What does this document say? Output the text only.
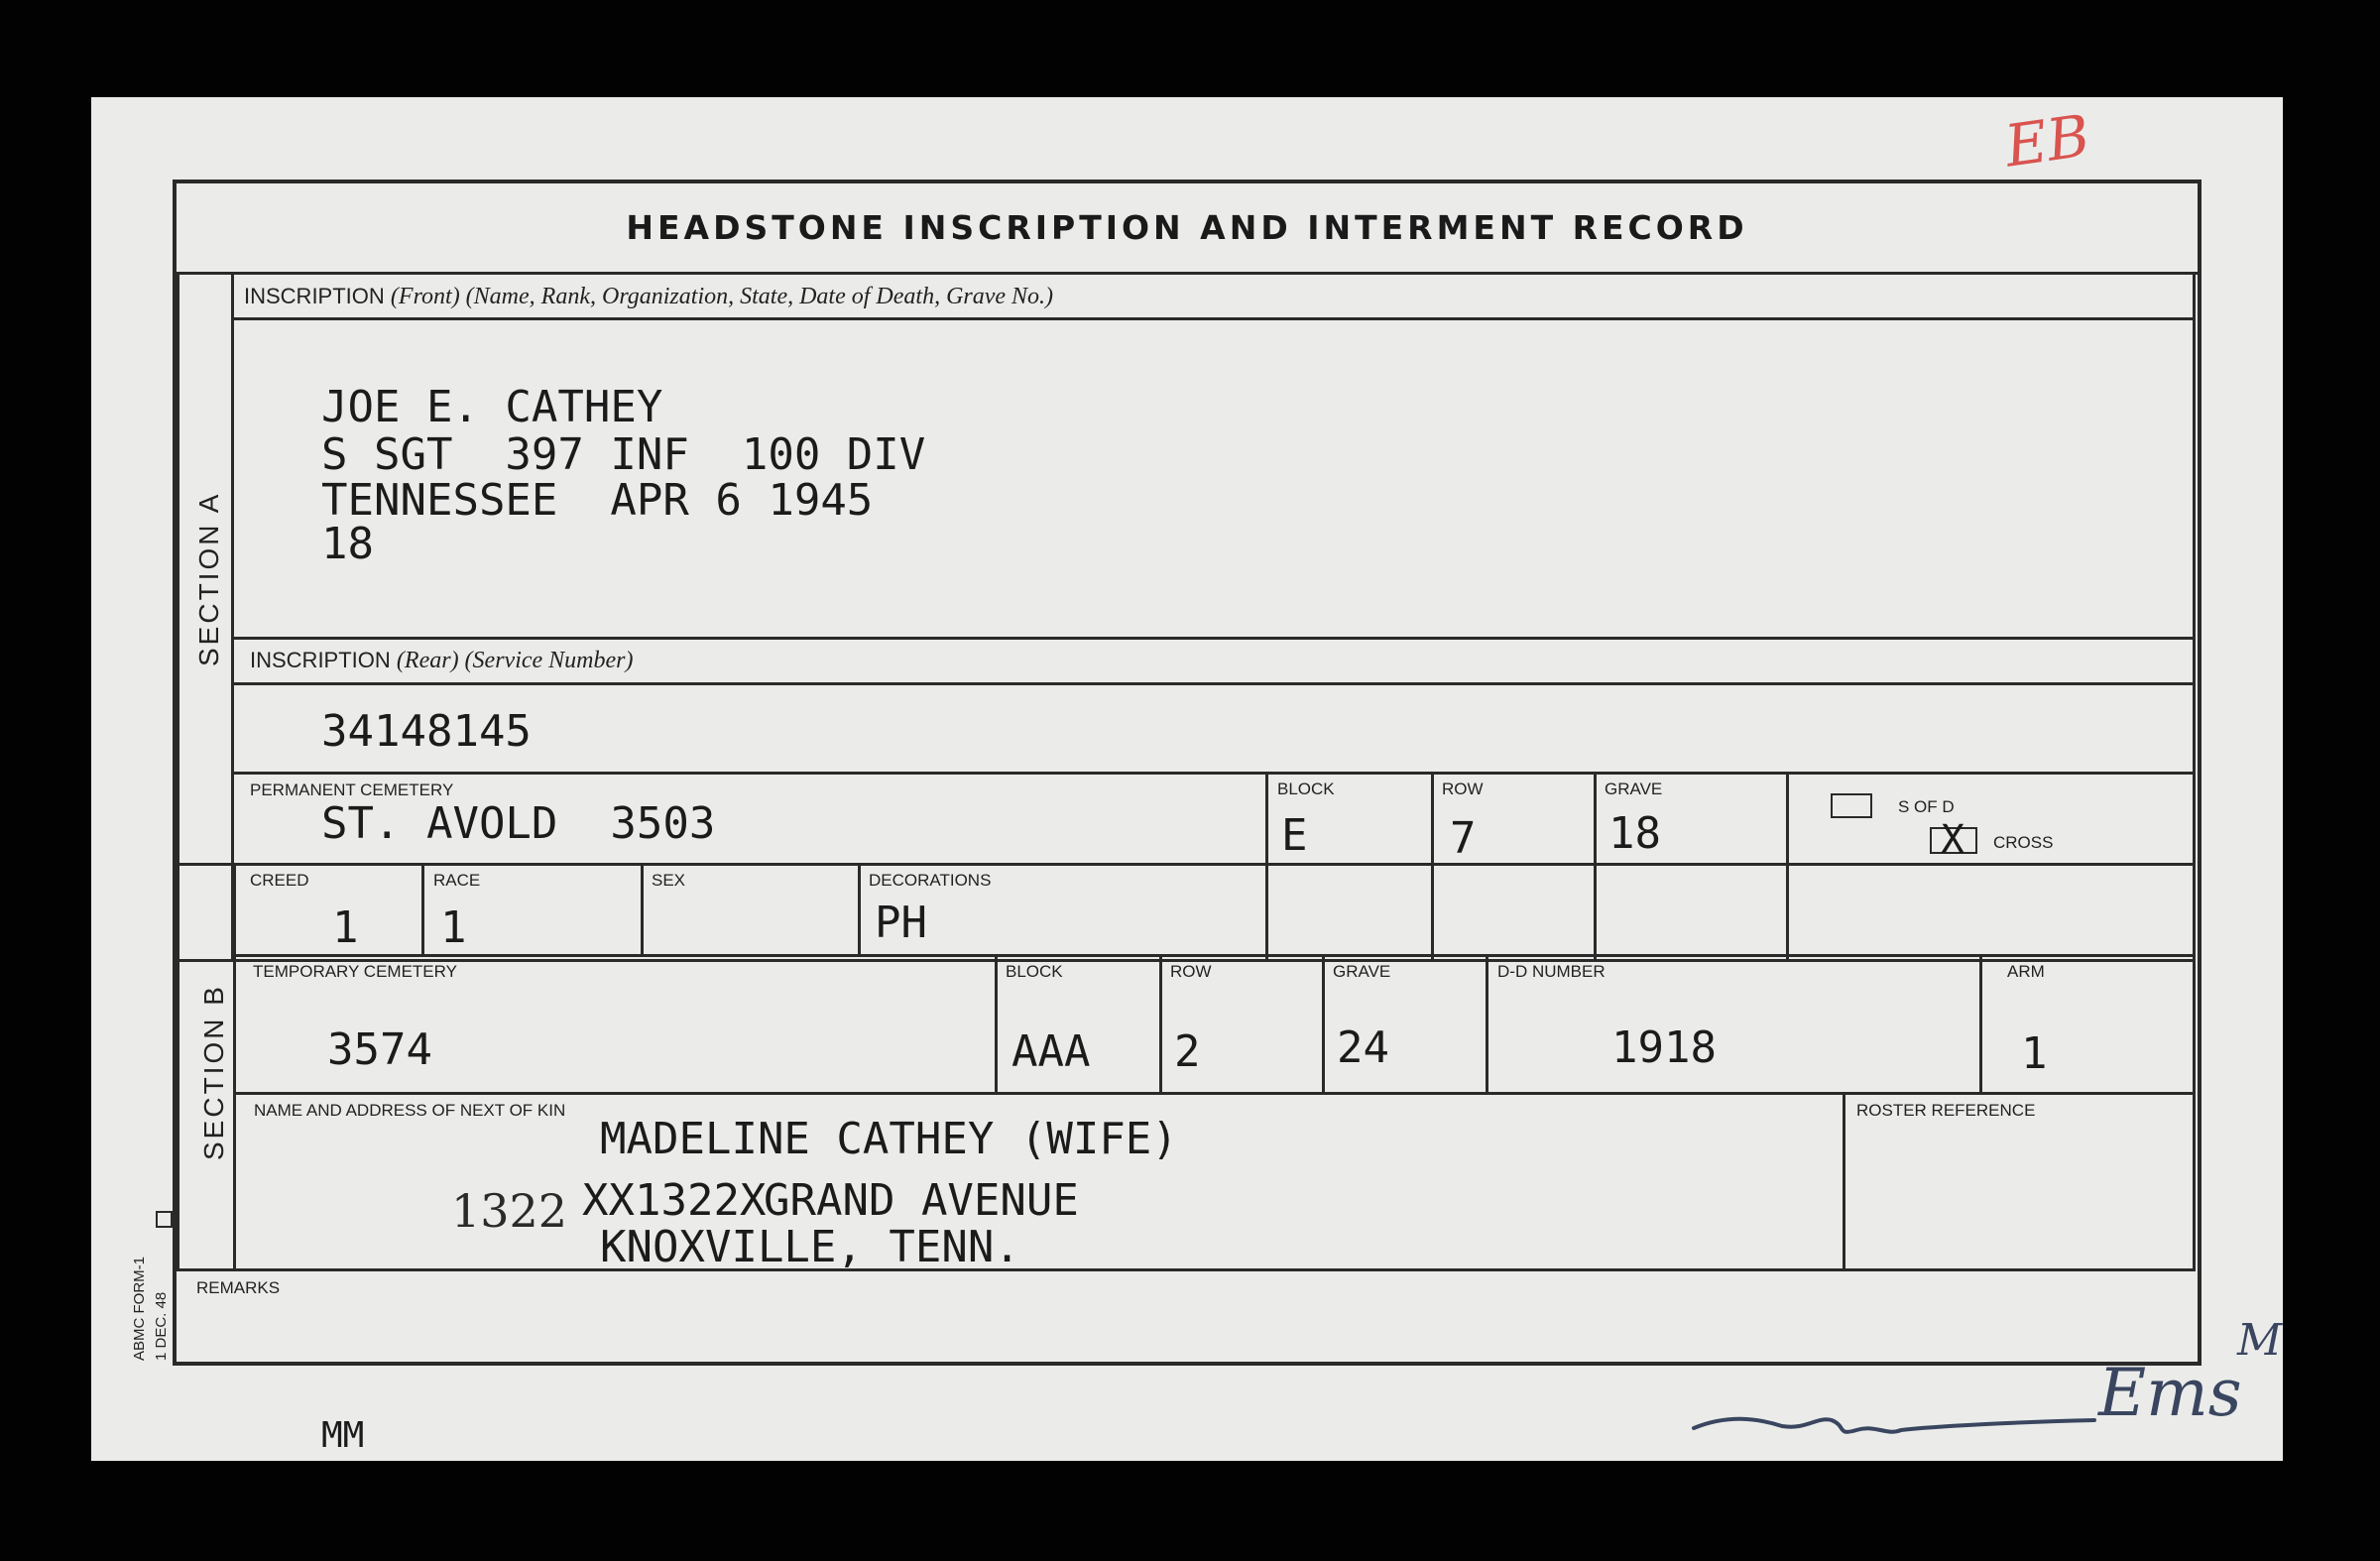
EB
HEADSTONE INSCRIPTION AND INTERMENT RECORD
SECTION A
INSCRIPTION (Front) (Name, Rank, Organization, State, Date of Death, Grave No.)
JOE E. CATHEY
S SGT  397 INF  100 DIV
TENNESSEE  APR 6 1945
18
INSCRIPTION (Rear) (Service Number)
34148145
PERMANENT CEMETERY
ST. AVOLD  3503
BLOCK
E
ROW
7
GRAVE
18
S OF D
X CROSS
SECTION B
CREED
1
RACE
1
SEX	DECORATIONS
PH
TEMPORARY CEMETERY
3574
BLOCK
AAA
ROW
2
GRAVE
24
D-D NUMBER
1918
ARM
1
NAME AND ADDRESS OF NEXT OF KIN
MADELINE CATHEY (WIFE)
1322 XX1322X
GRAND AVENUE
KNOXVILLE, TENN.
ROSTER REFERENCE
REMARKS
ABMC FORM-1 1 DEC. 48
MM
Ems
M
